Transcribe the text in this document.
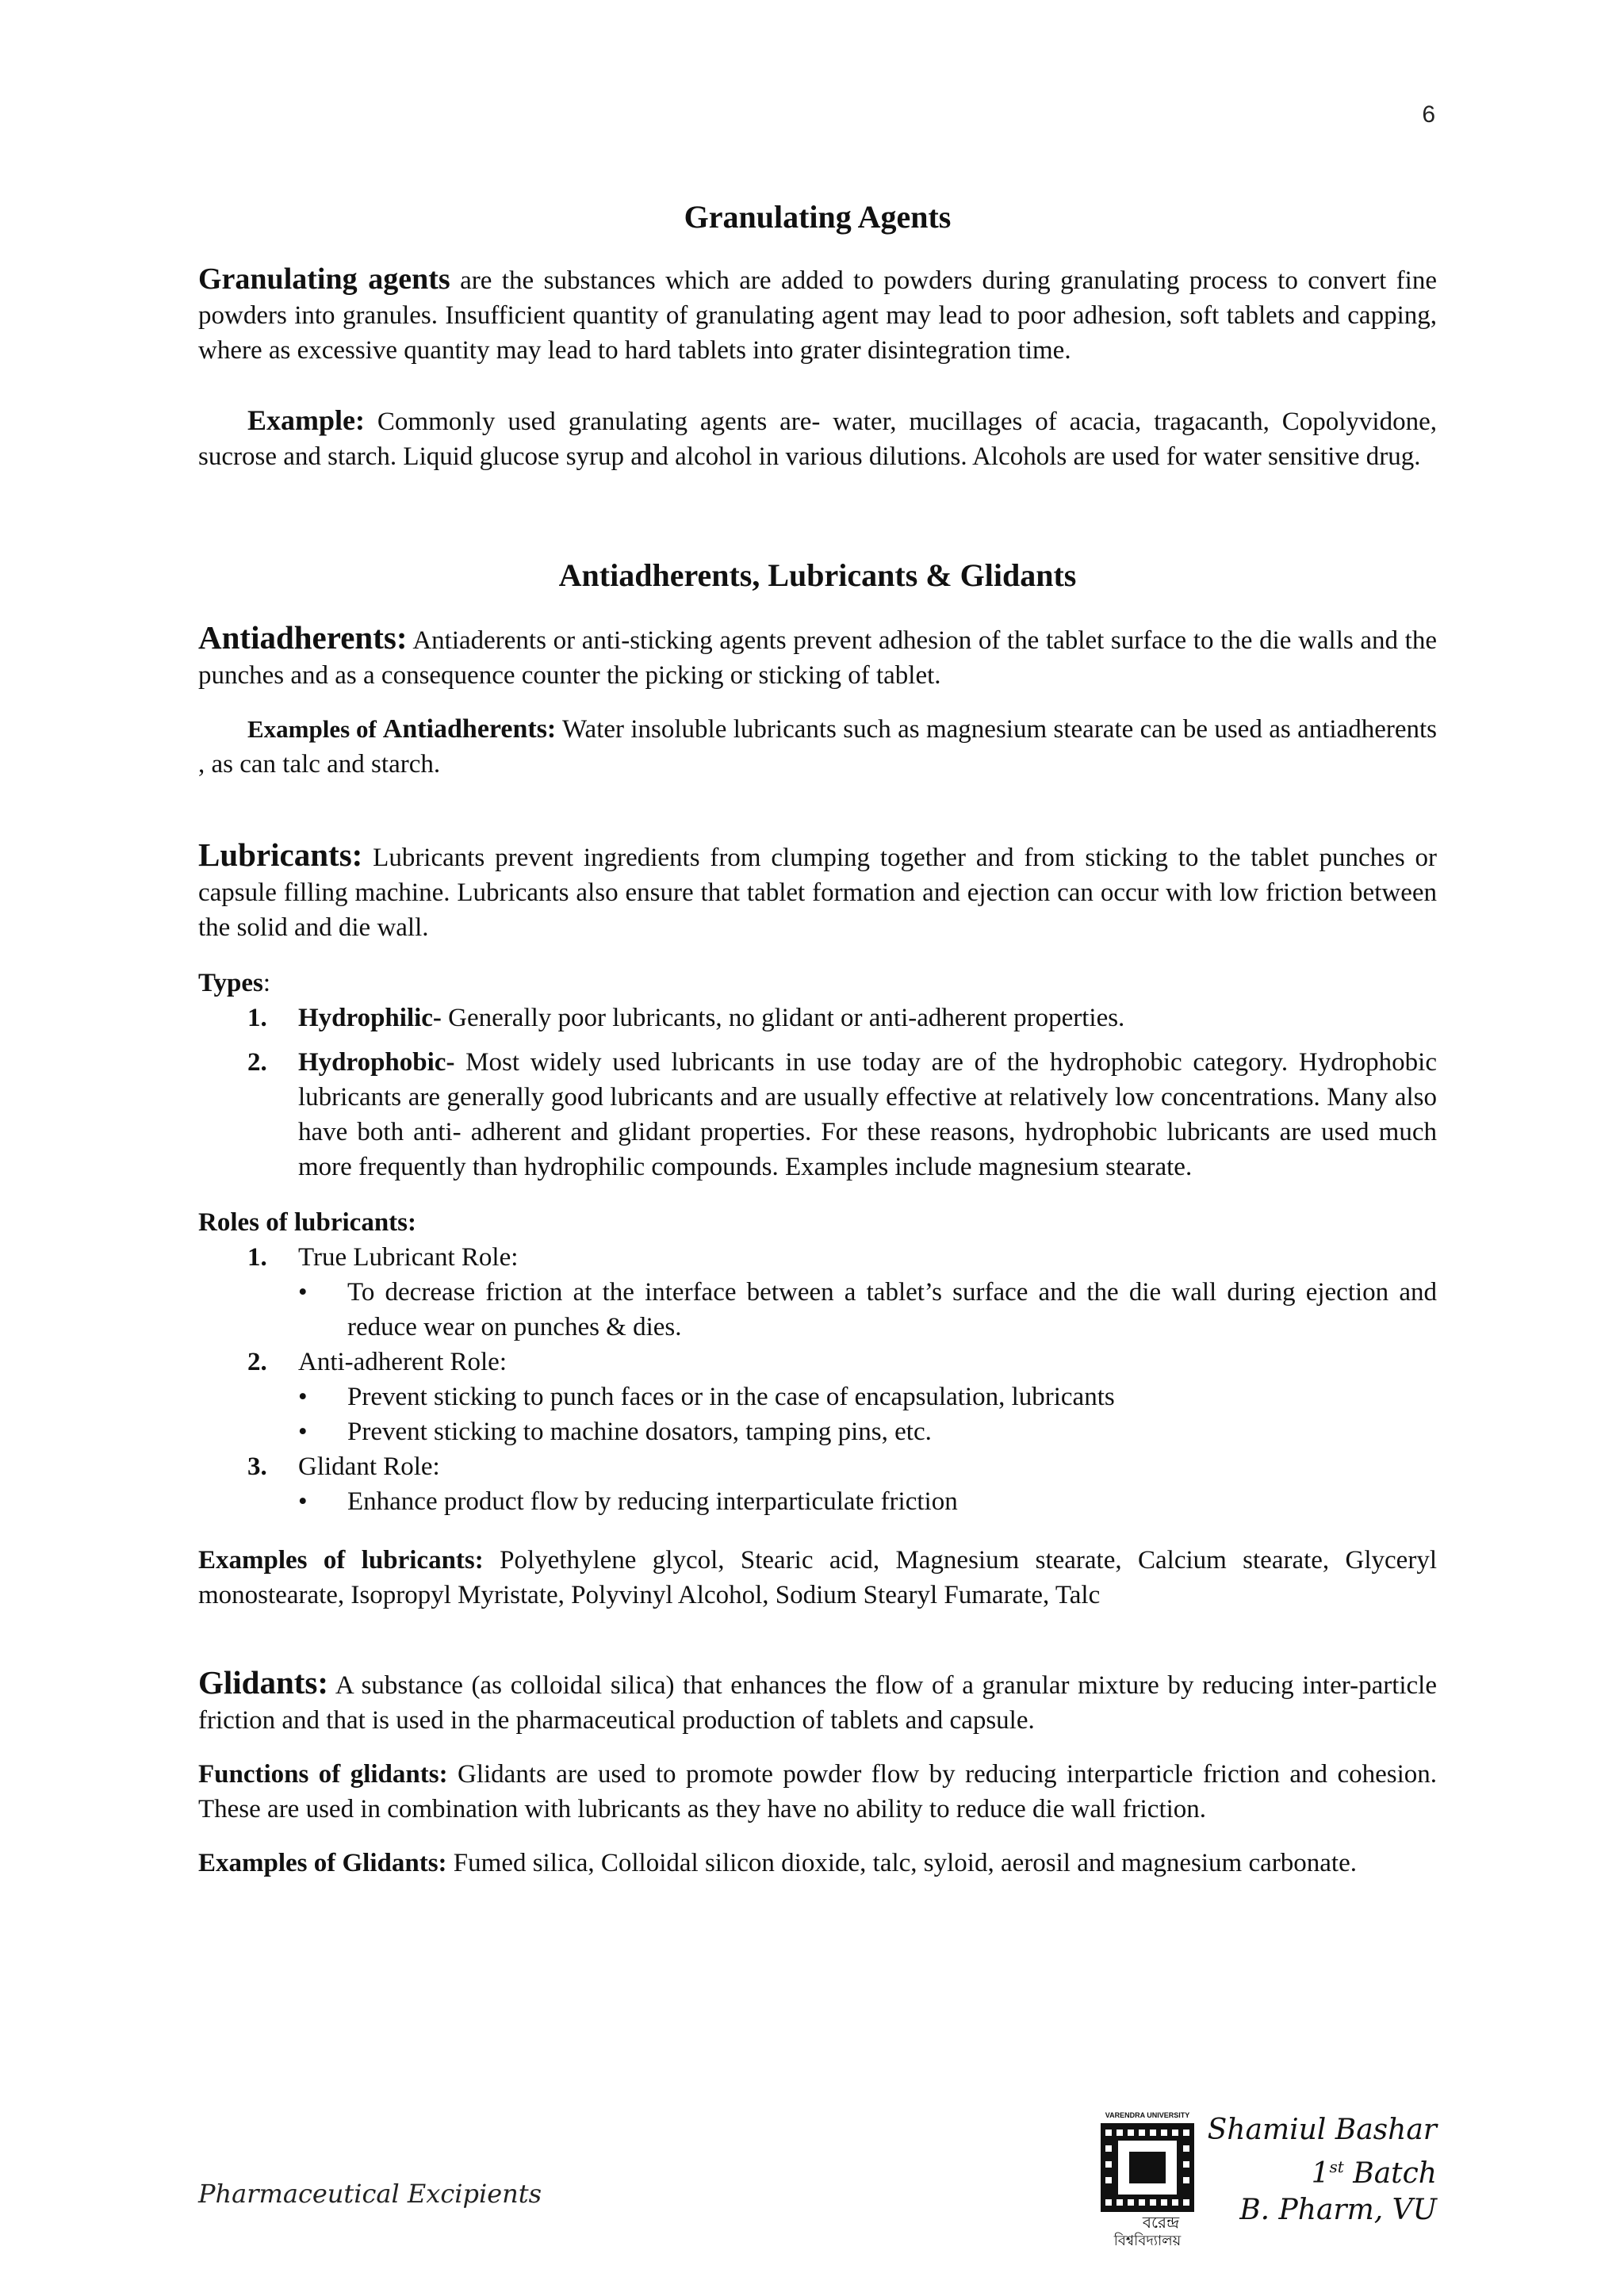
6
Granulating Agents

Granulating agents are the substances which are added to powders during granulating process to convert fine powders into granules. Insufficient quantity of granulating agent may lead to poor adhesion, soft tablets and capping, where as excessive quantity may lead to hard tablets into grater disintegration time.

Example: Commonly used granulating agents are- water, mucillages of acacia, tragacanth, Copolyvidone, sucrose and starch. Liquid glucose syrup and alcohol in various dilutions. Alcohols are used for water sensitive drug.

Antiadherents, Lubricants & Glidants

Antiadherents: Antiaderents or anti-sticking agents prevent adhesion of the tablet surface to the die walls and the punches and as a consequence counter the picking or sticking of tablet.

Examples of Antiadherents: Water insoluble lubricants such as magnesium stearate can be used as antiadherents , as can talc and starch.

Lubricants: Lubricants prevent ingredients from clumping together and from sticking to the tablet punches or capsule filling machine. Lubricants also ensure that tablet formation and ejection can occur with low friction between the solid and die wall.

Types:

1. Hydrophilic- Generally poor lubricants, no glidant or anti-adherent properties.
2. Hydrophobic- Most widely used lubricants in use today are of the hydrophobic category. Hydrophobic lubricants are generally good lubricants and are usually effective at relatively low concentrations. Many also have both anti- adherent and glidant properties. For these reasons, hydrophobic lubricants are used much more frequently than hydrophilic compounds. Examples include magnesium stearate.

Roles of lubricants:

1. True Lubricant Role:
• To decrease friction at the interface between a tablet’s surface and the die wall during ejection and reduce wear on punches & dies.
2. Anti-adherent Role:
• Prevent sticking to punch faces or in the case of encapsulation, lubricants
• Prevent sticking to machine dosators, tamping pins, etc.
3. Glidant Role:
• Enhance product flow by reducing interparticulate friction

Examples of lubricants: Polyethylene glycol, Stearic acid, Magnesium stearate, Calcium stearate, Glyceryl monostearate, Isopropyl Myristate, Polyvinyl Alcohol, Sodium Stearyl Fumarate, Talc

Glidants: A substance (as colloidal silica) that enhances the flow of a granular mixture by reducing inter-particle friction and that is used in the pharmaceutical production of tablets and capsule.

Functions of glidants: Glidants are used to promote powder flow by reducing interparticle friction and cohesion. These are used in combination with lubricants as they have no ability to reduce die wall friction.

Examples of Glidants: Fumed silica, Colloidal silicon dioxide, talc, syloid, aerosil and magnesium carbonate.

Pharmaceutical Excipients
VARENDRA UNIVERSITY
বরেন্দ্র
বিশ্ববিদ্যালয়
Shamiul Bashar
1st Batch
B. Pharm, VU
